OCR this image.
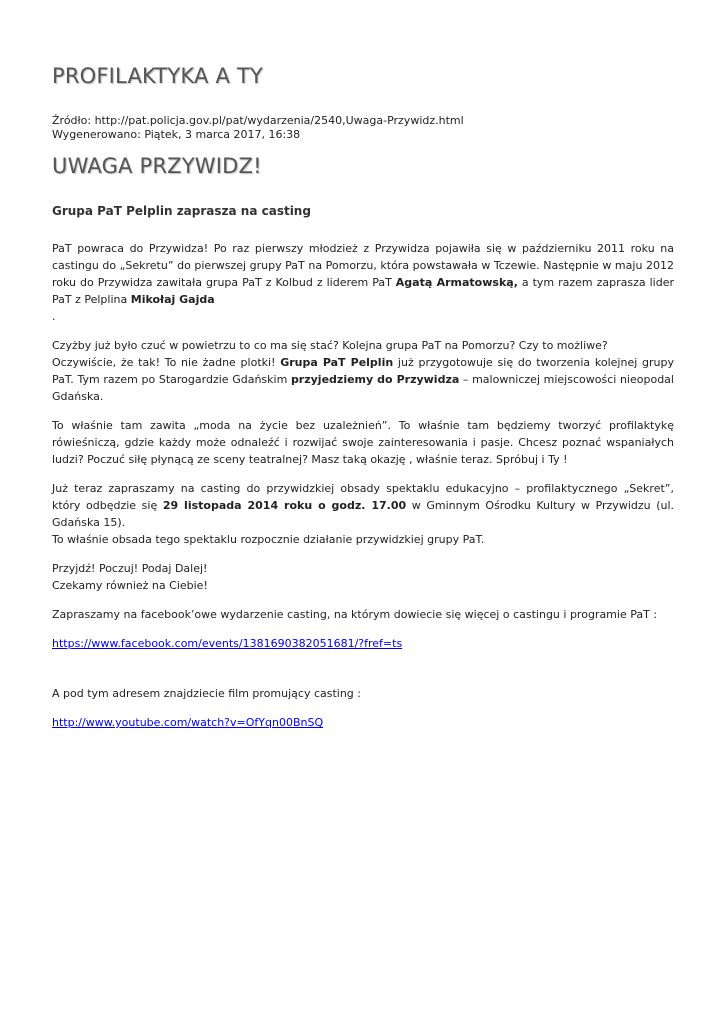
PROFILAKTYKA A TY
Źródło: http://pat.policja.gov.pl/pat/wydarzenia/2540,Uwaga-Przywidz.html
Wygenerowano: Piątek, 3 marca 2017, 16:38
UWAGA PRZYWIDZ!
Grupa PaT Pelplin zaprasza na casting

PaT powraca do Przywidza! Po raz pierwszy młodzież z Przywidza pojawiła się w październiku 2011 roku na castingu do „Sekretu” do pierwszej grupy PaT na Pomorzu, która powstawała w Tczewie. Następnie w maju 2012 roku do Przywidza zawitała grupa PaT z Kolbud z liderem PaT Agatą Armatowską, a tym razem zaprasza lider PaT z Pelplina Mikołaj Gajda
.

Czyżby już było czuć w powietrzu to co ma się stać? Kolejna grupa PaT na Pomorzu? Czy to możliwe?
Oczywiście, że tak! To nie żadne plotki! Grupa PaT Pelplin już przygotowuje się do tworzenia kolejnej grupy PaT. Tym razem po Starogardzie Gdańskim przyjedziemy do Przywidza – malowniczej miejscowości nieopodal Gdańska.

To właśnie tam zawita „moda na życie bez uzależnień”. To właśnie tam będziemy tworzyć profilaktykę rówieśniczą, gdzie każdy może odnaleźć i rozwijać swoje zainteresowania i pasje. Chcesz poznać wspaniałych ludzi? Poczuć siłę płynącą ze sceny teatralnej? Masz taką okazję , właśnie teraz. Spróbuj i Ty !

Już teraz zapraszamy na casting do przywidzkiej obsady spektaklu edukacyjno – profilaktycznego „Sekret”, który odbędzie się 29 listopada 2014 roku o godz. 17.00 w Gminnym Ośrodku Kultury w Przywidzu (ul. Gdańska 15).
To właśnie obsada tego spektaklu rozpocznie działanie przywidzkiej grupy PaT.

Przyjdź! Poczuj! Podaj Dalej!
Czekamy również na Ciebie!

Zapraszamy na facebook’owe wydarzenie casting, na którym dowiecie się więcej o castingu i programie PaT :

https://www.facebook.com/events/1381690382051681/?fref=ts

A pod tym adresem znajdziecie film promujący casting :

http://www.youtube.com/watch?v=OfYqn00BnSQ
